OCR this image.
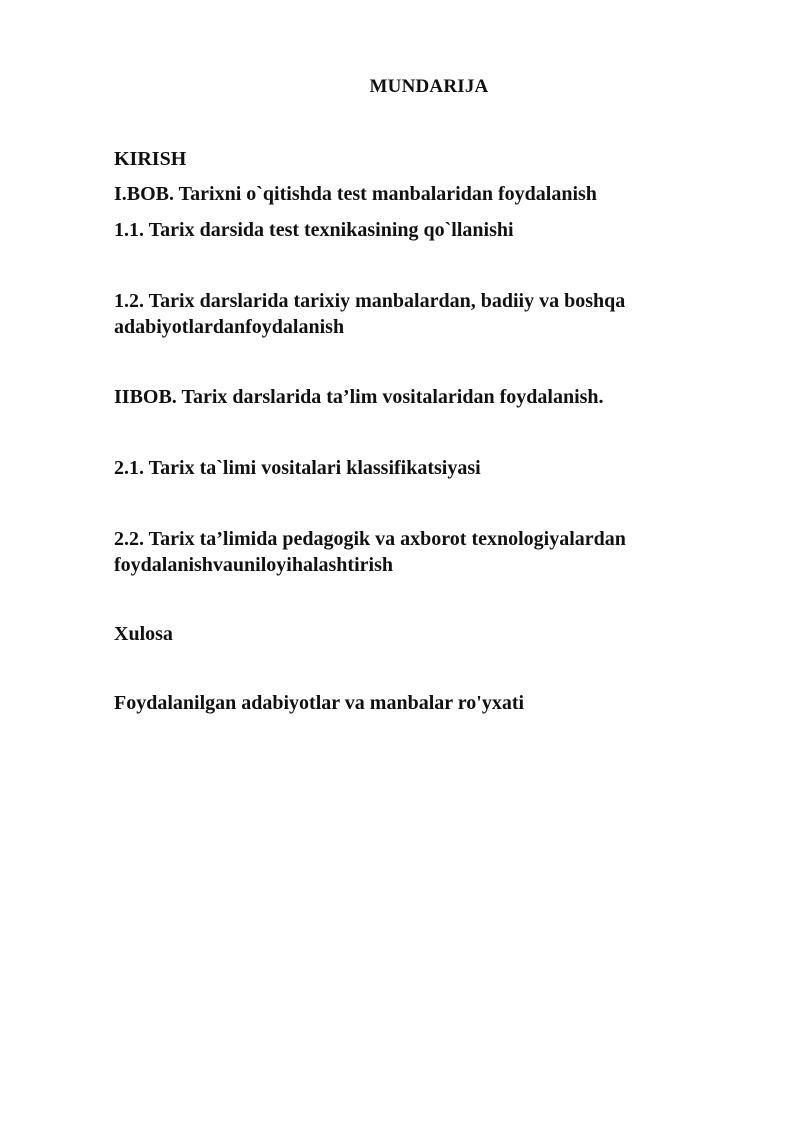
MUNDARIJA
KIRISH
I.BOB. Tarixni o`qitishda test manbalaridan foydalanish
1.1. Tarix darsida test texnikasining qo`llanishi
1.2. Tarix darslarida tarixiy manbalardan, badiiy va boshqa adabiyotlardanfoydalanish
IIBOB. Tarix darslarida ta’lim vositalaridan foydalanish.
2.1. Tarix ta`limi vositalari klassifikatsiyasi
2.2. Tarix ta’limida pedagogik va axborot texnologiyalardan foydalanishvauniloyihalashtirish
Xulosa
Foydalanilgan adabiyotlar va manbalar ro'yxati
